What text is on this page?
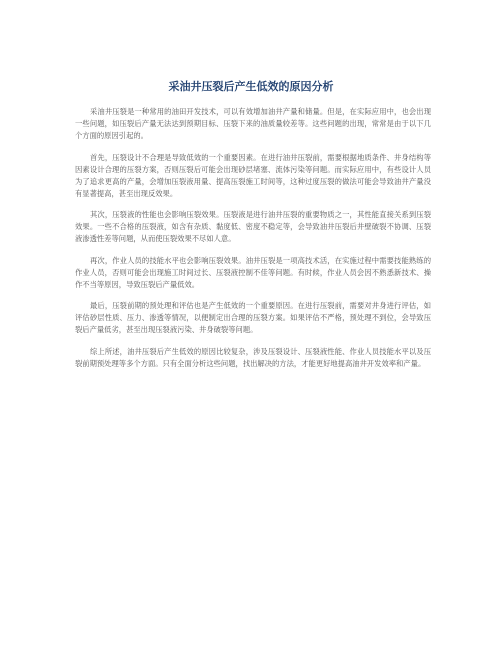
采油井压裂后产生低效的原因分析

采油井压裂是一种常用的油田开发技术，可以有效增加油井产量和储量。但是，在实际应用中，也会出现一些问题，如压裂后产量无法达到预期目标、压裂下来的油质量较差等。这些问题的出现，常常是由于以下几个方面的原因引起的。

首先，压裂设计不合理是导致低效的一个重要因素。在进行油井压裂前，需要根据地质条件、井身结构等因素设计合理的压裂方案，否则压裂后可能会出现砂层堵塞、流体污染等问题。而实际应用中，有些设计人员为了追求更高的产量，会增加压裂液用量、提高压裂施工时间等，这种过度压裂的做法可能会导致油井产量没有显著提高，甚至出现反效果。

其次，压裂液的性能也会影响压裂效果。压裂液是进行油井压裂的重要物质之一，其性能直接关系到压裂效果。一些不合格的压裂液，如含有杂质、黏度低、密度不稳定等，会导致油井压裂后井壁破裂不协调、压裂液渗透性差等问题，从而使压裂效果不尽如人意。

再次，作业人员的技能水平也会影响压裂效果。油井压裂是一项高技术活，在实施过程中需要技能熟练的作业人员，否则可能会出现施工时间过长、压裂液控制不佳等问题。有时候，作业人员会因不熟悉新技术、操作不当等原因，导致压裂后产量低效。

最后，压裂前期的预处理和评估也是产生低效的一个重要原因。在进行压裂前，需要对井身进行评估，如评估砂层性质、压力、渗透等情况，以便制定出合理的压裂方案。如果评估不严格，预处理不到位，会导致压裂后产量低劣，甚至出现压裂液污染、井身破裂等问题。

综上所述，油井压裂后产生低效的原因比较复杂，涉及压裂设计、压裂液性能、作业人员技能水平以及压裂前期预处理等多个方面。只有全面分析这些问题，找出解决的方法，才能更好地提高油井开发效率和产量。
